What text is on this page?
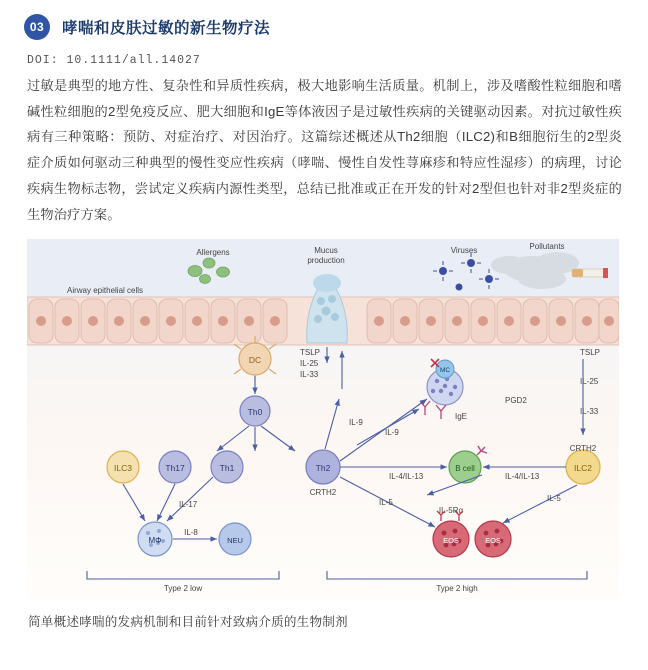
03	哮喘和皮肤过敏的新生物疗法
DOI: 10.1111/all.14027
过敏是典型的地方性、复杂性和异质性疾病，极大地影响生活质量。机制上，涉及嗜酸性粒细胞和嗜碱性粒细胞的2型免疫反应、肥大细胞和IgE等体液因子是过敏性疾病的关键驱动因素。对抗过敏性疾病有三种策略：预防、对症治疗、对因治疗。这篇综述概述从Th2细胞（ILC2)和B细胞衍生的2型炎症介质如何驱动三种典型的慢性变应性疾病（哮喘、慢性自发性荨麻疹和特应性湿疹）的病理，讨论疾病生物标志物，尝试定义疾病内源性类型，总结已批准或正在开发的针对2型但也针对非2型炎症的生物治疗方案。
Allergens	Mucus
production
Viruses	Pollutants
Airway epithelial cells
TSLP
IL-25
IL-33
TSLP
IL-25
IL-33
DC
Th0
ILC3	Th17	Th1	Th2
CRTH2
ILC2
CRTH2
B cell
MC
IgE
PGD2
MΦ	NEU
IL-8
EOS	EOS
IL-5Rα
IL-9
IL-9
IL-17
IL-4/IL-13	IL-4/IL-13
IL-5	IL-5
Type 2 low	Type 2 high
简单概述哮喘的发病机制和目前针对致病介质的生物制剂
